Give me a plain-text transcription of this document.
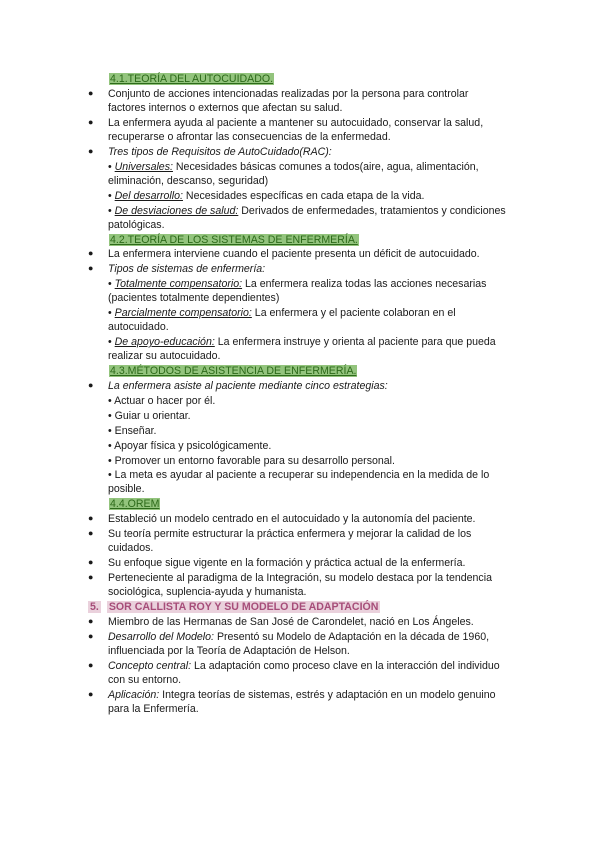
4.1.TEORÍA DEL AUTOCUIDADO.
● Conjunto de acciones intencionadas realizadas por la persona para controlar
factores internos o externos que afectan su salud.
● La enfermera ayuda al paciente a mantener su autocuidado, conservar la salud,
recuperarse o afrontar las consecuencias de la enfermedad.
● Tres tipos de Requisitos de AutoCuidado(RAC):
• Universales: Necesidades básicas comunes a todos(aire, agua, alimentación,
eliminación, descanso, seguridad)
• Del desarrollo: Necesidades específicas en cada etapa de la vida.
• De desviaciones de salud: Derivados de enfermedades, tratamientos y condiciones
patológicas.
4.2.TEORÍA DE LOS SISTEMAS DE ENFERMERÍA.
● La enfermera interviene cuando el paciente presenta un déficit de autocuidado.
● Tipos de sistemas de enfermería:
• Totalmente compensatorio: La enfermera realiza todas las acciones necesarias
(pacientes totalmente dependientes)
• Parcialmente compensatorio: La enfermera y el paciente colaboran en el
autocuidado.
• De apoyo-educación: La enfermera instruye y orienta al paciente para que pueda
realizar su autocuidado.
4.3.MÉTODOS DE ASISTENCIA DE ENFERMERÍA.
● La enfermera asiste al paciente mediante cinco estrategias:
• Actuar o hacer por él.
• Guiar u orientar.
• Enseñar.
• Apoyar física y psicológicamente.
• Promover un entorno favorable para su desarrollo personal.
• La meta es ayudar al paciente a recuperar su independencia en la medida de lo
posible.
4.4.OREM
● Estableció un modelo centrado en el autocuidado y la autonomía del paciente.
● Su teoría permite estructurar la práctica enfermera y mejorar la calidad de los
cuidados.
● Su enfoque sigue vigente en la formación y práctica actual de la enfermería.
● Perteneciente al paradigma de la Integración, su modelo destaca por la tendencia
sociológica, suplencia-ayuda y humanista.
5. SOR CALLISTA ROY Y SU MODELO DE ADAPTACIÓN
● Miembro de las Hermanas de San José de Carondelet, nació en Los Ángeles.
● Desarrollo del Modelo: Presentó su Modelo de Adaptación en la década de 1960,
influenciada por la Teoría de Adaptación de Helson.
● Concepto central: La adaptación como proceso clave en la interacción del individuo
con su entorno.
● Aplicación: Integra teorías de sistemas, estrés y adaptación en un modelo genuino
para la Enfermería.
